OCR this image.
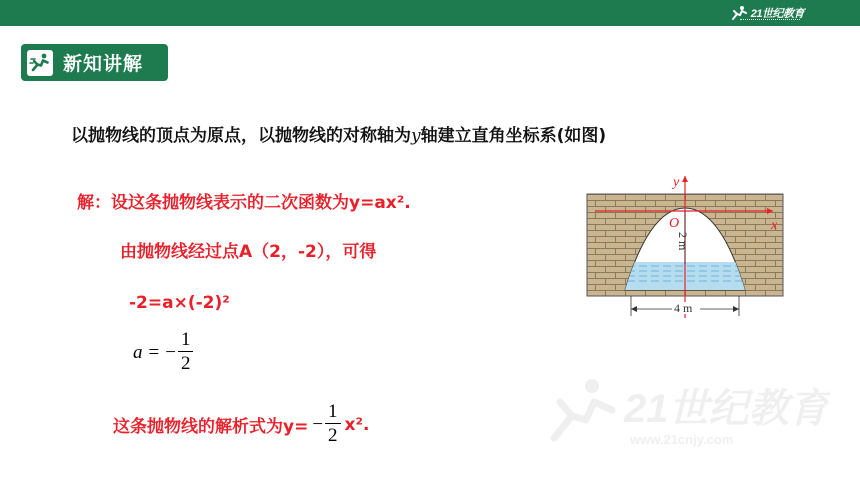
21世纪教育
新知讲解
以抛物线的顶点为原点，以抛物线的对称轴为y轴建立直角坐标系(如图)
解：设这条抛物线表示的二次函数为y=ax².
由抛物线经过点A（2，-2），可得
-2=a×(-2)²
a = − $\frac{1}{2}$
这条抛物线的解析式为$y= - \frac{1}{2} x^2$.
y
x
O
2 m
4 m
21世纪教育
www.21cnjy.com
